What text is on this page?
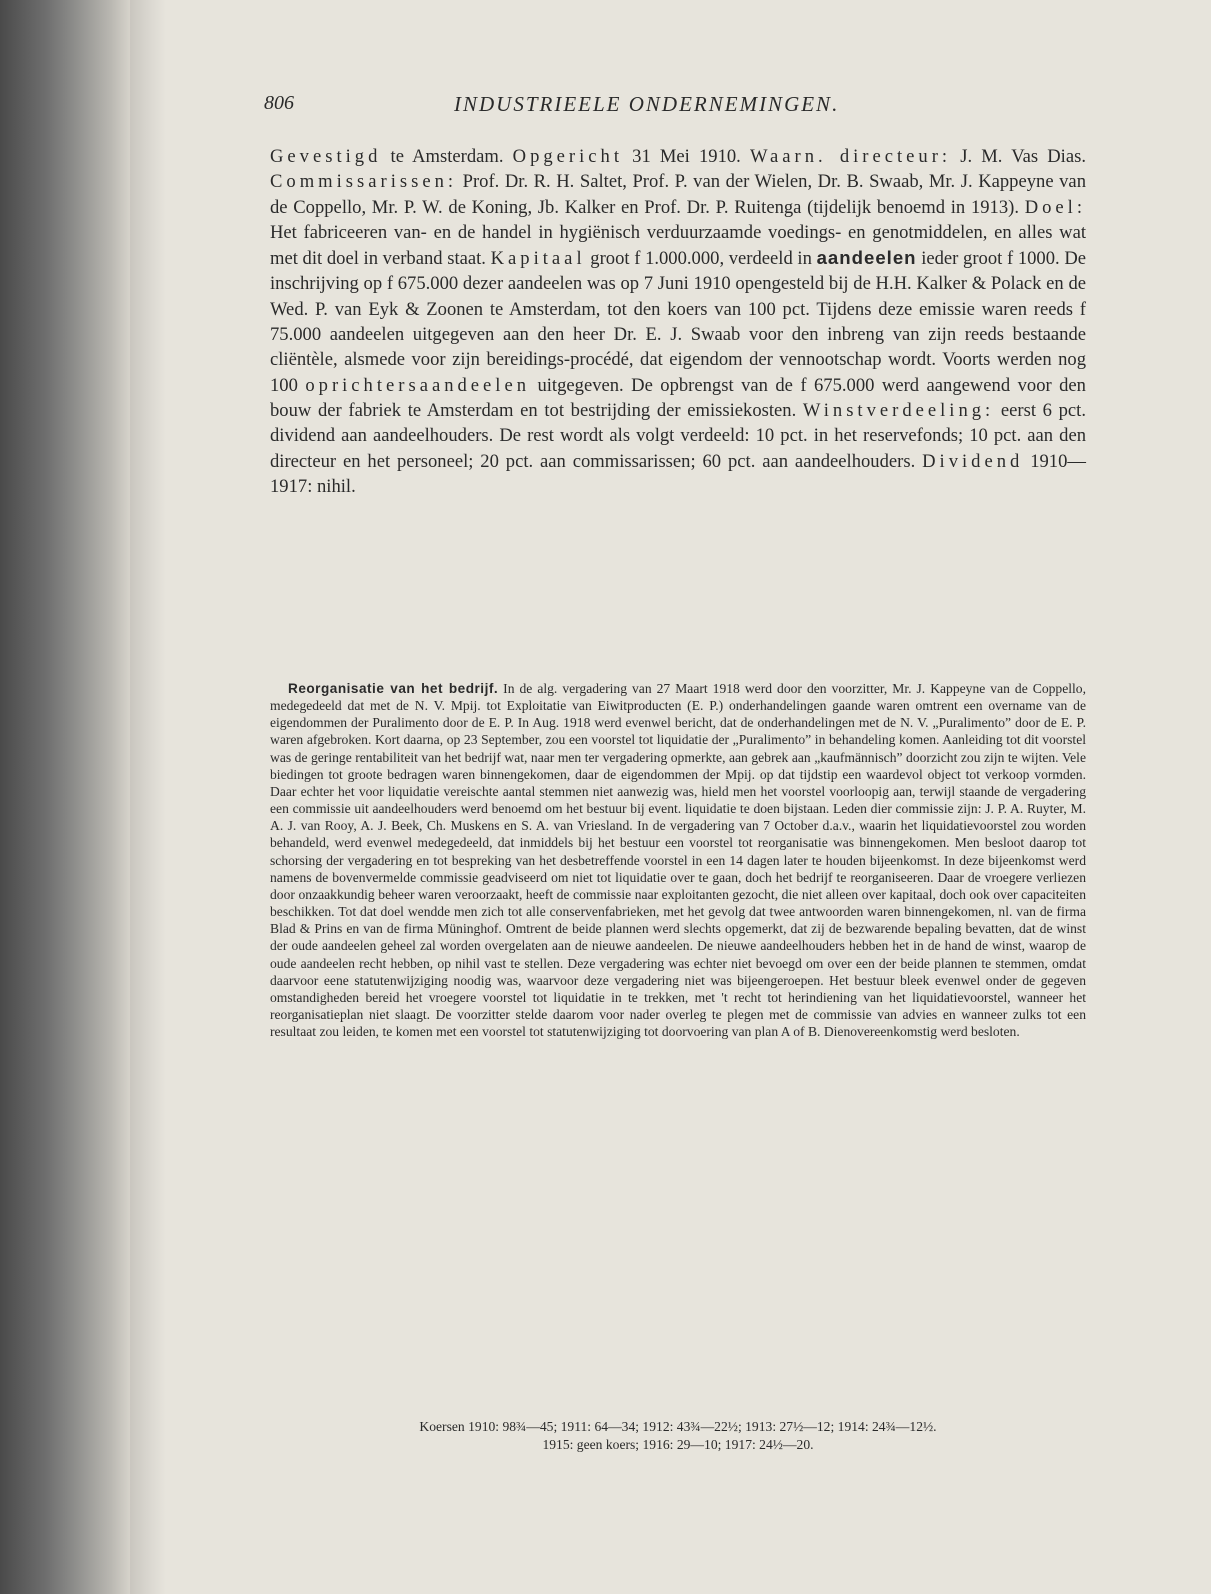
806	INDUSTRIEELE ONDERNEMINGEN.

Gevestigd te Amsterdam. Opgericht 31 Mei 1910. Waarn. directeur: J. M. Vas Dias. Commissarissen: Prof. Dr. R. H. Saltet, Prof. P. van der Wielen, Dr. B. Swaab, Mr. J. Kappeyne van de Coppello, Mr. P. W. de Koning, Jb. Kalker en Prof. Dr. P. Ruitenga (tijdelijk benoemd in 1913). Doel: Het fabriceeren van- en de handel in hygiënisch verduurzaamde voedings- en genotmiddelen, en alles wat met dit doel in verband staat. Kapitaal groot f 1.000.000, verdeeld in aandeelen ieder groot f 1000. De inschrijving op f 675.000 dezer aandeelen was op 7 Juni 1910 opengesteld bij de H.H. Kalker & Polack en de Wed. P. van Eyk & Zoonen te Amsterdam, tot den koers van 100 pct. Tijdens deze emissie waren reeds f 75.000 aandeelen uitgegeven aan den heer Dr. E. J. Swaab voor den inbreng van zijn reeds bestaande cliëntèle, alsmede voor zijn bereidings-procédé, dat eigendom der vennootschap wordt. Voorts werden nog 100 oprichtersaandeelen uitgegeven. De opbrengst van de f 675.000 werd aangewend voor den bouw der fabriek te Amsterdam en tot bestrijding der emissiekosten. Winstverdeeling: eerst 6 pct. dividend aan aandeelhouders. De rest wordt als volgt verdeeld: 10 pct. in het reservefonds; 10 pct. aan den directeur en het personeel; 20 pct. aan commissarissen; 60 pct. aan aandeelhouders. Dividend 1910—1917: nihil.

Reorganisatie van het bedrijf. In de alg. vergadering van 27 Maart 1918 werd door den voorzitter, Mr. J. Kappeyne van de Coppello, medegedeeld dat met de N. V. Mpij. tot Exploitatie van Eiwitproducten (E. P.) onderhandelingen gaande waren omtrent een overname van de eigendommen der Puralimento door de E. P. In Aug. 1918 werd evenwel bericht, dat de onderhandelingen met de N. V. „Puralimento” door de E. P. waren afgebroken. Kort daarna, op 23 September, zou een voorstel tot liquidatie der „Puralimento” in behandeling komen. Aanleiding tot dit voorstel was de geringe rentabiliteit van het bedrijf wat, naar men ter vergadering opmerkte, aan gebrek aan „kaufmännisch” doorzicht zou zijn te wijten. Vele biedingen tot groote bedragen waren binnengekomen, daar de eigendommen der Mpij. op dat tijdstip een waardevol object tot verkoop vormden. Daar echter het voor liquidatie vereischte aantal stemmen niet aanwezig was, hield men het voorstel voorloopig aan, terwijl staande de vergadering een commissie uit aandeelhouders werd benoemd om het bestuur bij event. liquidatie te doen bijstaan. Leden dier commissie zijn: J. P. A. Ruyter, M. A. J. van Rooy, A. J. Beek, Ch. Muskens en S. A. van Vriesland. In de vergadering van 7 October d.a.v., waarin het liquidatievoorstel zou worden behandeld, werd evenwel medegedeeld, dat inmiddels bij het bestuur een voorstel tot reorganisatie was binnengekomen. Men besloot daarop tot schorsing der vergadering en tot bespreking van het desbetreffende voorstel in een 14 dagen later te houden bijeenkomst. In deze bijeenkomst werd namens de bovenvermelde commissie geadviseerd om niet tot liquidatie over te gaan, doch het bedrijf te reorganiseeren. Daar de vroegere verliezen door onzaakkundig beheer waren veroorzaakt, heeft de commissie naar exploitanten gezocht, die niet alleen over kapitaal, doch ook over capaciteiten beschikken. Tot dat doel wendde men zich tot alle conservenfabrieken, met het gevolg dat twee antwoorden waren binnengekomen, nl. van de firma Blad & Prins en van de firma Müninghof. Omtrent de beide plannen werd slechts opgemerkt, dat zij de bezwarende bepaling bevatten, dat de winst der oude aandeelen geheel zal worden overgelaten aan de nieuwe aandeelen. De nieuwe aandeelhouders hebben het in de hand de winst, waarop de oude aandeelen recht hebben, op nihil vast te stellen. Deze vergadering was echter niet bevoegd om over een der beide plannen te stemmen, omdat daarvoor eene statutenwijziging noodig was, waarvoor deze vergadering niet was bijeengeroepen. Het bestuur bleek evenwel onder de gegeven omstandigheden bereid het vroegere voorstel tot liquidatie in te trekken, met 't recht tot herindiening van het liquidatievoorstel, wanneer het reorganisatieplan niet slaagt. De voorzitter stelde daarom voor nader overleg te plegen met de commissie van advies en wanneer zulks tot een resultaat zou leiden, te komen met een voorstel tot statutenwijziging tot doorvoering van plan A of B. Dienovereenkomstig werd besloten.

Koersen 1910: 98¾—45; 1911: 64—34; 1912: 43¾—22½; 1913: 27½—12; 1914: 24¾—12½.
1915: geen koers; 1916: 29—10; 1917: 24½—20.
